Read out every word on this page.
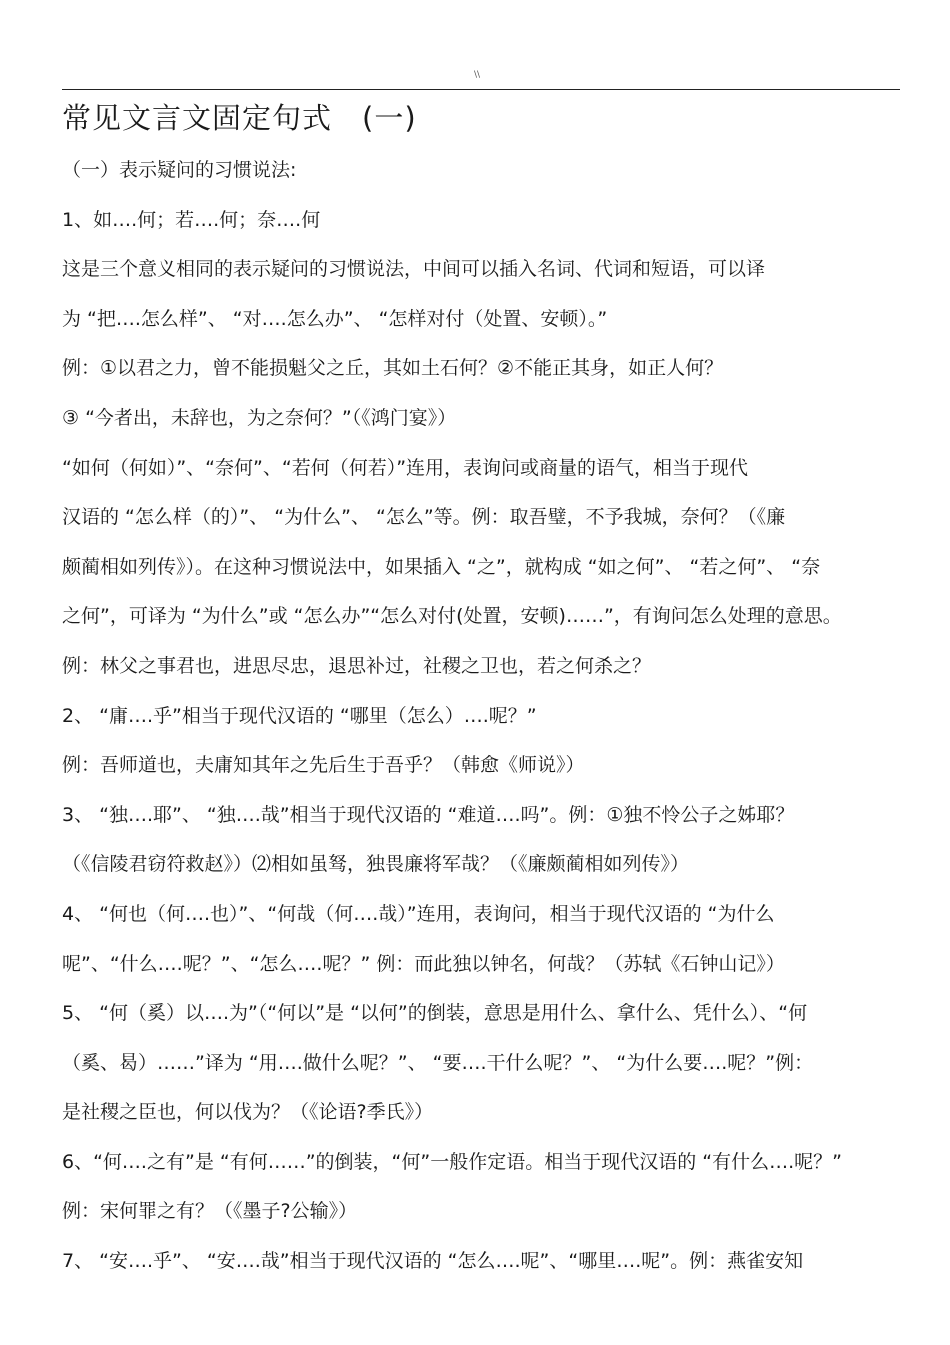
\\
常见文言文固定句式　(一)
（一）表示疑问的习惯说法:
1、如….何；若….何；奈….何
这是三个意义相同的表示疑问的习惯说法，中间可以插入名词、代词和短语，可以译
为 “把….怎么样”、 “对….怎么办”、 “怎样对付（处置、安顿）。”
例：①以君之力，曾不能损魁父之丘，其如土石何？②不能正其身，如正人何？
③ “今者出，未辞也，为之奈何？”（《鸿门宴》）
“如何（何如）”、“奈何”、“若何（何若）”连用，表询问或商量的语气，相当于现代
汉语的 “怎么样（的）”、 “为什么”、 “怎么”等。例：取吾璧，不予我城，奈何？（《廉
颇蔺相如列传》）。在这种习惯说法中，如果插入 “之”，就构成 “如之何”、 “若之何”、 “奈
之何”，可译为 “为什么”或 “怎么办”“怎么对付(处置，安顿)……”，有询问怎么处理的意思。
例：林父之事君也，进思尽忠，退思补过，社稷之卫也，若之何杀之？
2、 “庸….乎”相当于现代汉语的 “哪里（怎么）….呢？”
例：吾师道也，夫庸知其年之先后生于吾乎？（韩愈《师说》）
3、 “独….耶”、 “独….哉”相当于现代汉语的 “难道….吗”。例：①独不怜公子之姊耶？
（《信陵君窃符救赵》）⑵相如虽驽，独畏廉将军哉？（《廉颇蔺相如列传》）
4、 “何也（何….也）”、“何哉（何….哉）”连用，表询问，相当于现代汉语的 “为什么
呢”、“什么….呢？”、“怎么….呢？” 例：而此独以钟名，何哉？（苏轼《石钟山记》）
5、 “何（奚）以….为”（“何以”是 “以何”的倒装，意思是用什么、拿什么、凭什么）、“何
（奚、曷）……”译为 “用….做什么呢？”、 “要….干什么呢？”、 “为什么要….呢？”例：
是社稷之臣也，何以伐为？（《论语?季氏》）
6、“何….之有”是 “有何……”的倒装，“何”一般作定语。相当于现代汉语的 “有什么….呢？”
例：宋何罪之有？（《墨子?公输》）
7、 “安….乎”、 “安….哉”相当于现代汉语的 “怎么….呢”、“哪里….呢”。例：燕雀安知
